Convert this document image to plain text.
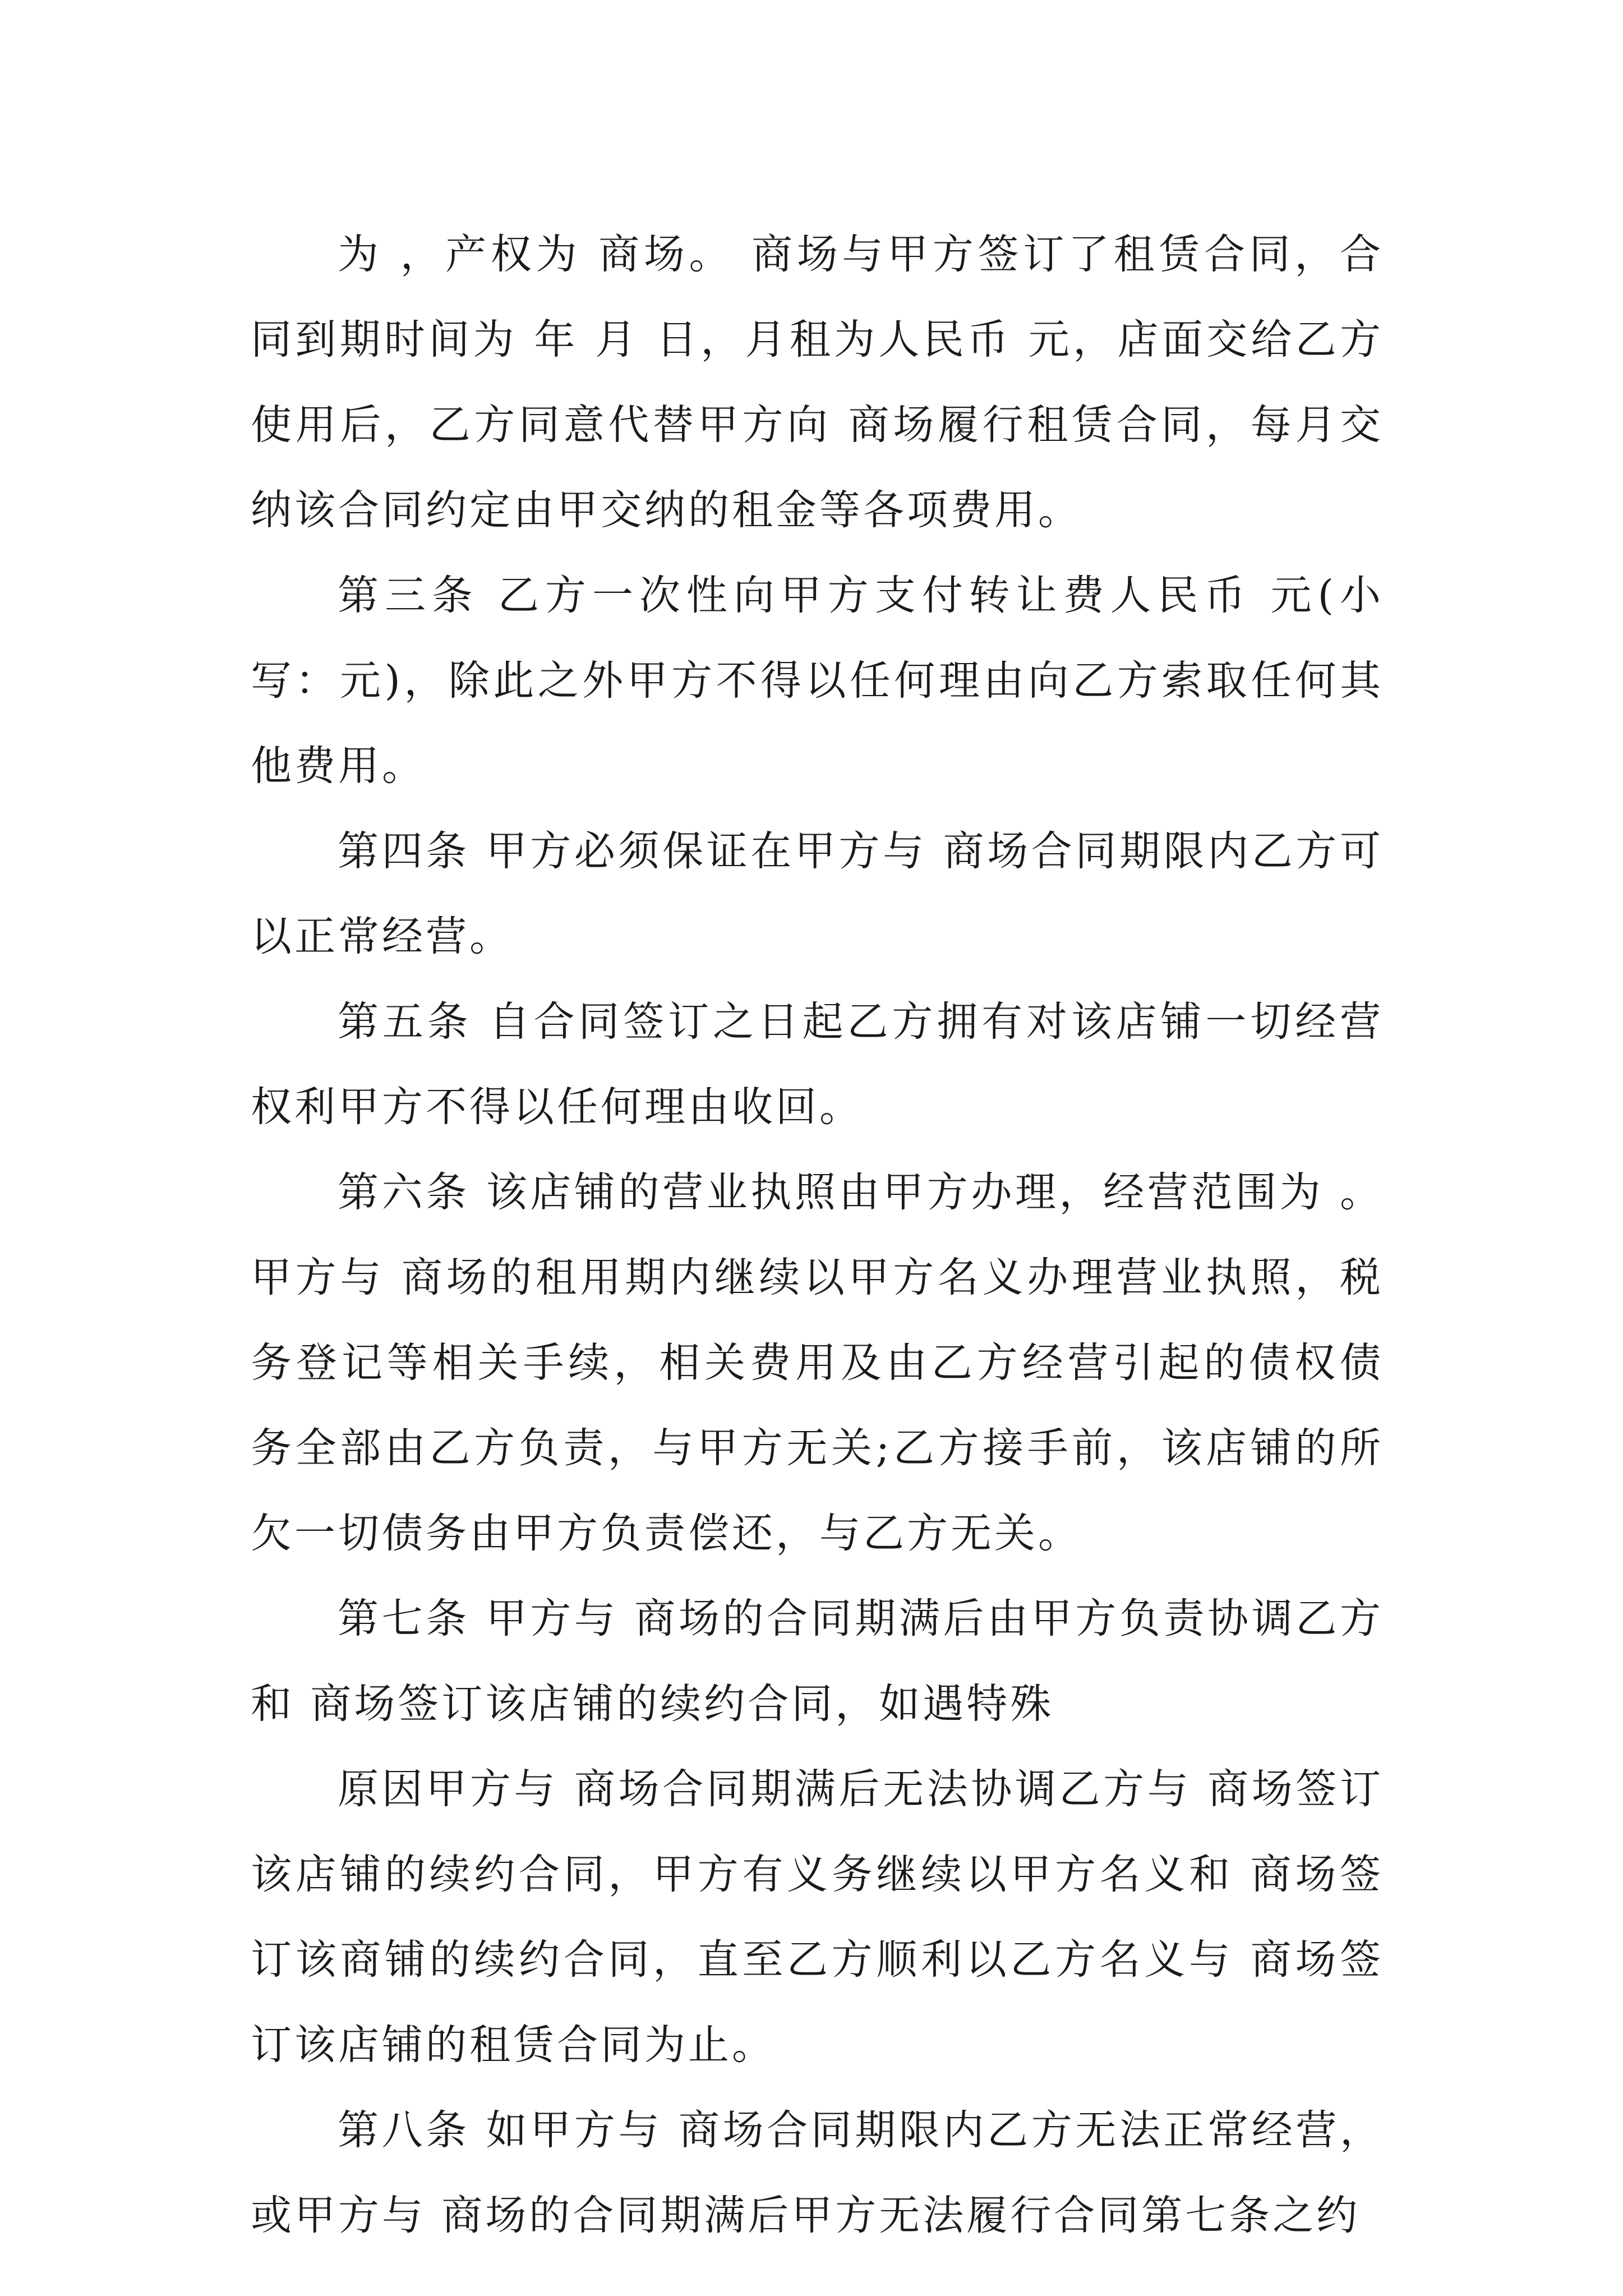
为 ，产权为 商场。 商场与甲方签订了租赁合同，合同到期时间为 年 月 日，月租为人民币 元，店面交给乙方使用后，乙方同意代替甲方向 商场履行租赁合同，每月交纳该合同约定由甲交纳的租金等各项费用。

第三条 乙方一次性向甲方支付转让费人民币 元(小写：元)，除此之外甲方不得以任何理由向乙方索取任何其他费用。

第四条 甲方必须保证在甲方与 商场合同期限内乙方可以正常经营。

第五条 自合同签订之日起乙方拥有对该店铺一切经营权利甲方不得以任何理由收回。

第六条 该店铺的营业执照由甲方办理，经营范围为 。甲方与 商场的租用期内继续以甲方名义办理营业执照，税务登记等相关手续，相关费用及由乙方经营引起的债权债务全部由乙方负责，与甲方无关;乙方接手前，该店铺的所欠一切债务由甲方负责偿还，与乙方无关。

第七条 甲方与 商场的合同期满后由甲方负责协调乙方和 商场签订该店铺的续约合同，如遇特殊

原因甲方与 商场合同期满后无法协调乙方与 商场签订该店铺的续约合同，甲方有义务继续以甲方名义和 商场签订该商铺的续约合同，直至乙方顺利以乙方名义与 商场签订该店铺的租赁合同为止。

第八条 如甲方与 商场合同期限内乙方无法正常经营，或甲方与 商场的合同期满后甲方无法履行合同第七条之约
